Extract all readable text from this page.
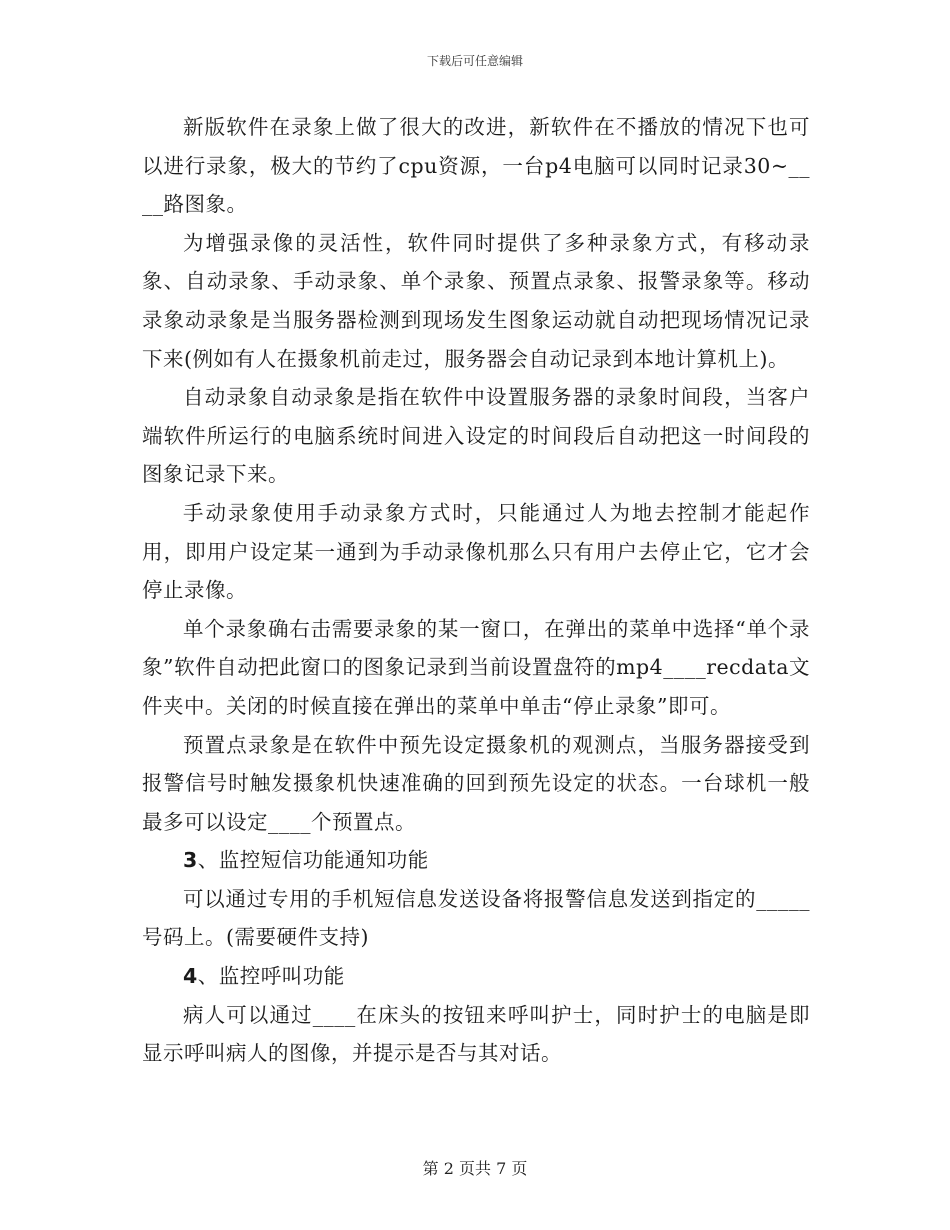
下载后可任意编辑

新版软件在录象上做了很大的改进，新软件在不播放的情况下也可以进行录象，极大的节约了cpu资源，一台p4电脑可以同时记录30~____路图象。

为增强录像的灵活性，软件同时提供了多种录象方式，有移动录象、自动录象、手动录象、单个录象、预置点录象、报警录象等。移动录象动录象是当服务器检测到现场发生图象运动就自动把现场情况记录下来(例如有人在摄象机前走过，服务器会自动记录到本地计算机上)。

自动录象自动录象是指在软件中设置服务器的录象时间段，当客户端软件所运行的电脑系统时间进入设定的时间段后自动把这一时间段的图象记录下来。

手动录象使用手动录象方式时，只能通过人为地去控制才能起作用，即用户设定某一通到为手动录像机那么只有用户去停止它，它才会停止录像。

单个录象确右击需要录象的某一窗口，在弹出的菜单中选择“单个录象”软件自动把此窗口的图象记录到当前设置盘符的mp4____recdata文件夹中。关闭的时候直接在弹出的菜单中单击“停止录象”即可。

预置点录象是在软件中预先设定摄象机的观测点，当服务器接受到报警信号时触发摄象机快速准确的回到预先设定的状态。一台球机一般最多可以设定____个预置点。

3、监控短信功能通知功能

可以通过专用的手机短信息发送设备将报警信息发送到指定的_____号码上。(需要硬件支持)

4、监控呼叫功能

病人可以通过____在床头的按钮来呼叫护士，同时护士的电脑是即显示呼叫病人的图像，并提示是否与其对话。

第 2 页共 7 页
